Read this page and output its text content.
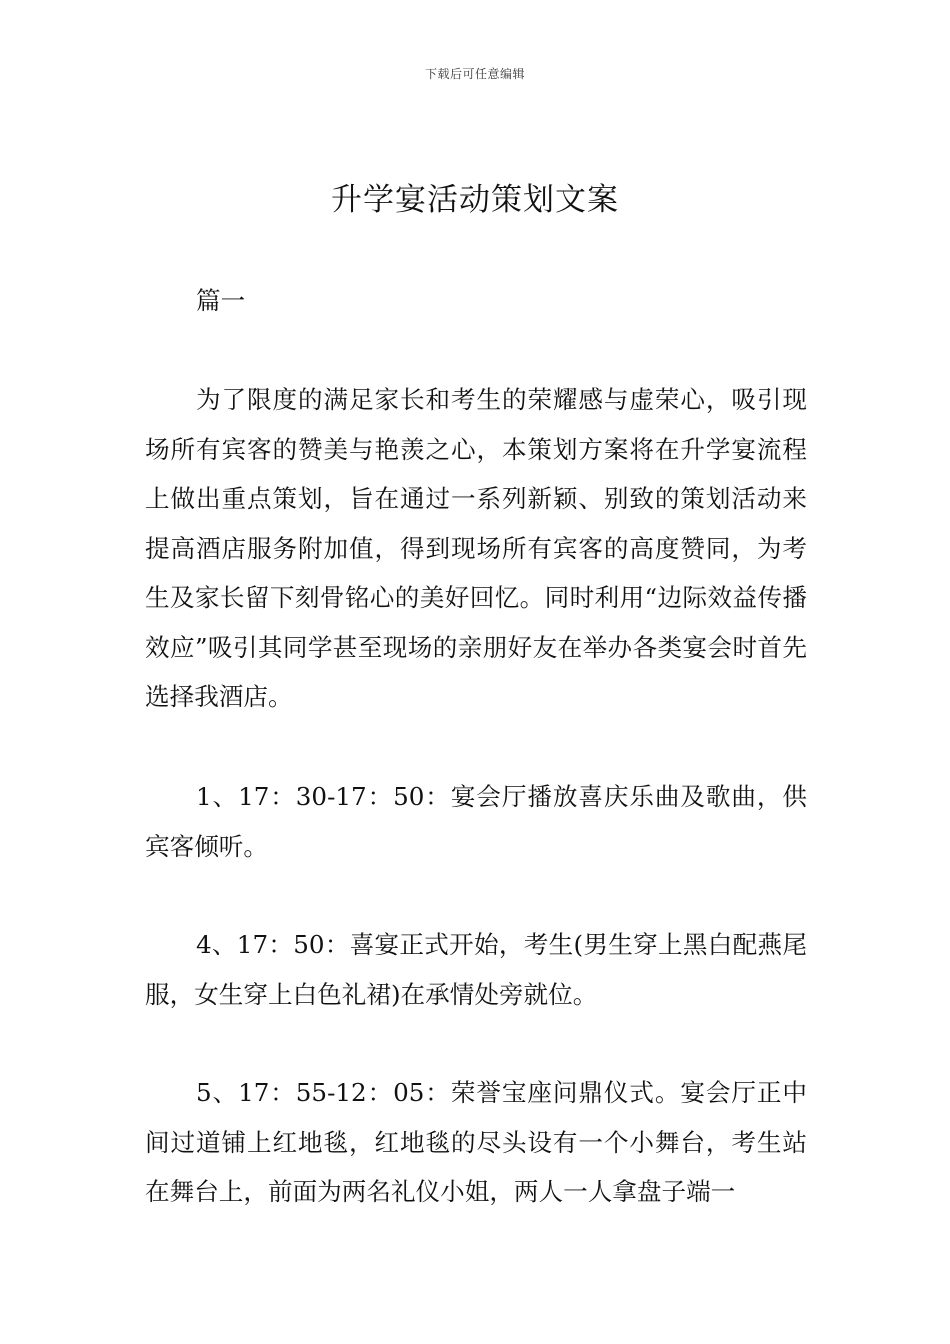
下载后可任意编辑
升学宴活动策划文案

篇一

为了限度的满足家长和考生的荣耀感与虚荣心，吸引现场所有宾客的赞美与艳羡之心，本策划方案将在升学宴流程上做出重点策划，旨在通过一系列新颖、别致的策划活动来提高酒店服务附加值，得到现场所有宾客的高度赞同，为考生及家长留下刻骨铭心的美好回忆。同时利用“边际效益传播效应”吸引其同学甚至现场的亲朋好友在举办各类宴会时首先选择我酒店。

1、17：30-17：50：宴会厅播放喜庆乐曲及歌曲，供宾客倾听。

4、17：50：喜宴正式开始，考生(男生穿上黑白配燕尾服，女生穿上白色礼裙)在承情处旁就位。

5、17：55-12：05：荣誉宝座问鼎仪式。宴会厅正中间过道铺上红地毯，红地毯的尽头设有一个小舞台，考生站在舞台上，前面为两名礼仪小姐，两人一人拿盘子端一
